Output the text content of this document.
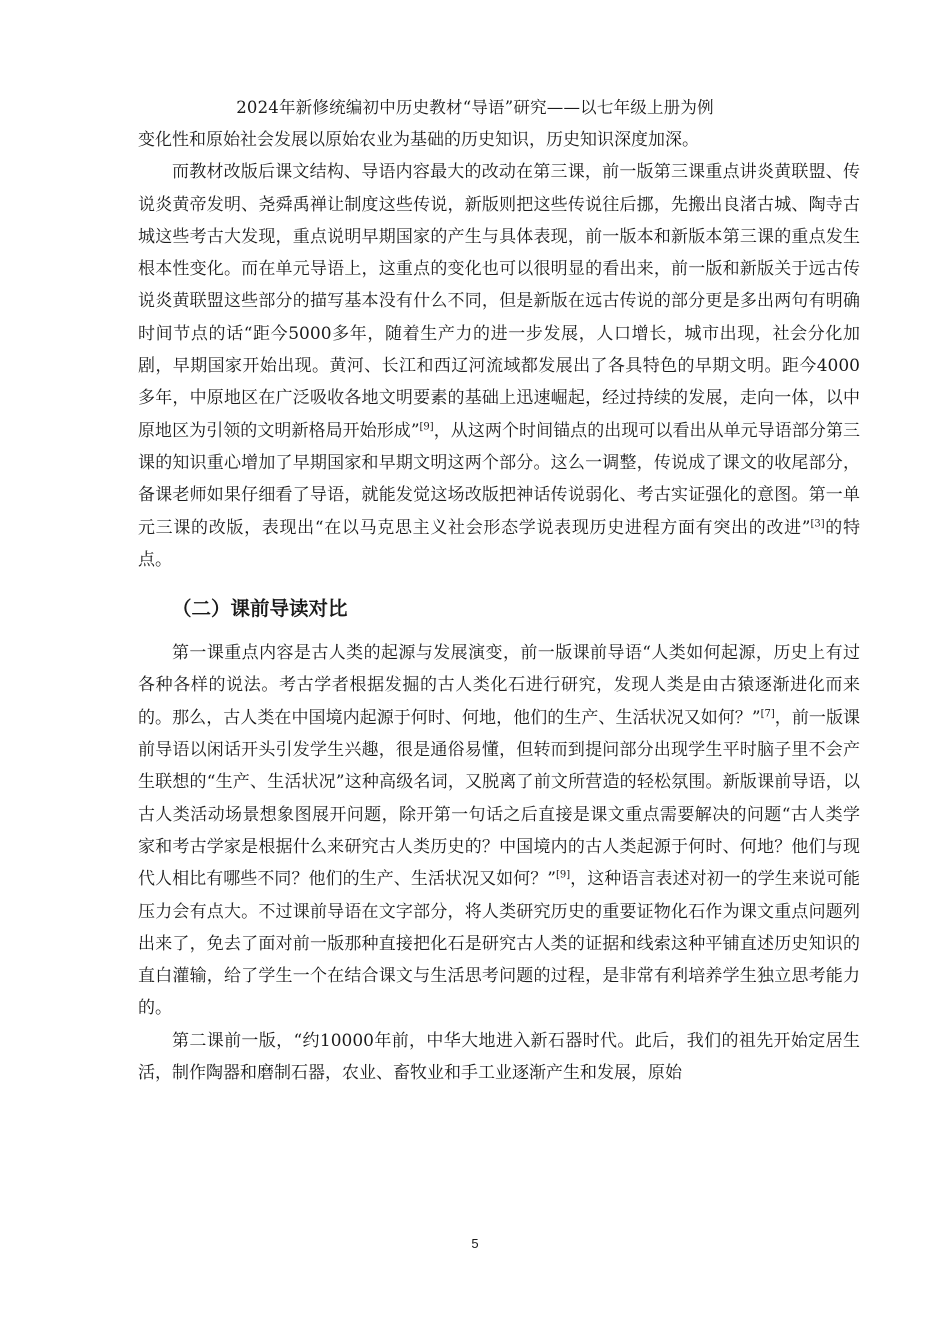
2024年新修统编初中历史教材“导语”研究——以七年级上册为例

变化性和原始社会发展以原始农业为基础的历史知识，历史知识深度加深。

而教材改版后课文结构、导语内容最大的改动在第三课，前一版第三课重点讲炎黄联盟、传说炎黄帝发明、尧舜禹禅让制度这些传说，新版则把这些传说往后挪，先搬出良渚古城、陶寺古城这些考古大发现，重点说明早期国家的产生与具体表现，前一版本和新版本第三课的重点发生根本性变化。而在单元导语上，这重点的变化也可以很明显的看出来，前一版和新版关于远古传说炎黄联盟这些部分的描写基本没有什么不同，但是新版在远古传说的部分更是多出两句有明确时间节点的话“距今5000多年，随着生产力的进一步发展，人口增长，城市出现，社会分化加剧，早期国家开始出现。黄河、长江和西辽河流域都发展出了各具特色的早期文明。距今4000多年，中原地区在广泛吸收各地文明要素的基础上迅速崛起，经过持续的发展，走向一体，以中原地区为引领的文明新格局开始形成”[9]，从这两个时间锚点的出现可以看出从单元导语部分第三课的知识重心增加了早期国家和早期文明这两个部分。这么一调整，传说成了课文的收尾部分，备课老师如果仔细看了导语，就能发觉这场改版把神话传说弱化、考古实证强化的意图。第一单元三课的改版，表现出“在以马克思主义社会形态学说表现历史进程方面有突出的改进”[3]的特点。

（二）课前导读对比

第一课重点内容是古人类的起源与发展演变，前一版课前导语“人类如何起源，历史上有过各种各样的说法。考古学者根据发掘的古人类化石进行研究，发现人类是由古猿逐渐进化而来的。那么，古人类在中国境内起源于何时、何地，他们的生产、生活状况又如何？”[7]，前一版课前导语以闲话开头引发学生兴趣，很是通俗易懂，但转而到提问部分出现学生平时脑子里不会产生联想的“生产、生活状况”这种高级名词，又脱离了前文所营造的轻松氛围。新版课前导语，以古人类活动场景想象图展开问题，除开第一句话之后直接是课文重点需要解决的问题“古人类学家和考古学家是根据什么来研究古人类历史的？中国境内的古人类起源于何时、何地？他们与现代人相比有哪些不同？他们的生产、生活状况又如何？”[9]，这种语言表述对初一的学生来说可能压力会有点大。不过课前导语在文字部分，将人类研究历史的重要证物化石作为课文重点问题列出来了，免去了面对前一版那种直接把化石是研究古人类的证据和线索这种平铺直述历史知识的直白灌输，给了学生一个在结合课文与生活思考问题的过程，是非常有利培养学生独立思考能力的。

第二课前一版，“约10000年前，中华大地进入新石器时代。此后，我们的祖先开始定居生活，制作陶器和磨制石器，农业、畜牧业和手工业逐渐产生和发展，原始

5
